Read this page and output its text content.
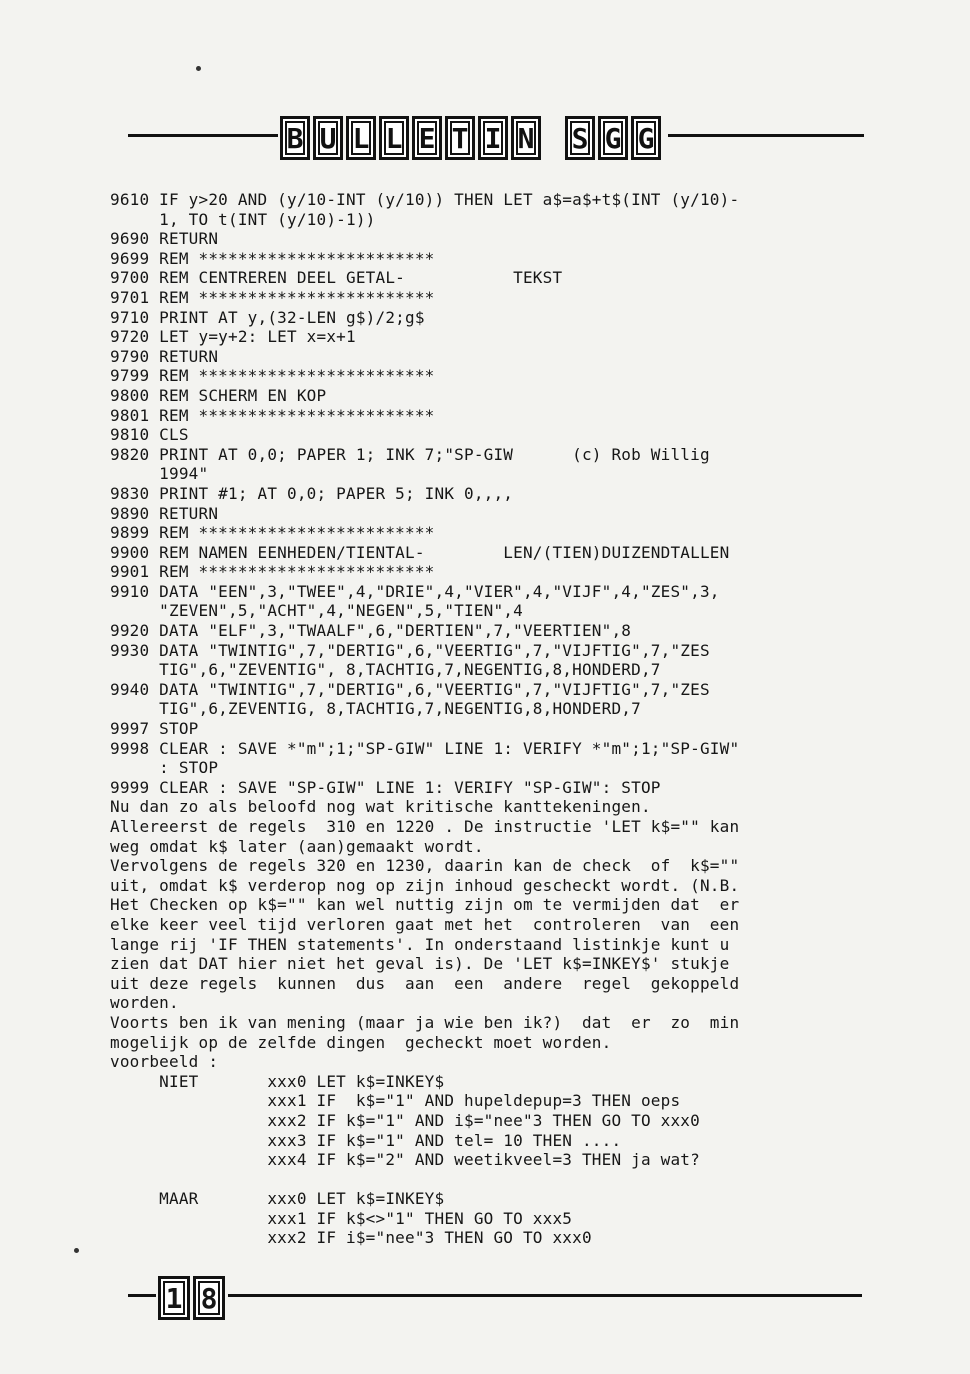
B U L L E T I N S G G
9610 IF y>20 AND (y/10-INT (y/10)) THEN LET a$=a$+t$(INT (y/10)-
1, TO t(INT (y/10)-1))
9690 RETURN
9699 REM ************************
9700 REM CENTREREN DEEL GETAL-           TEKST
9701 REM ************************
9710 PRINT AT y,(32-LEN g$)/2;g$
9720 LET y=y+2: LET x=x+1
9790 RETURN
9799 REM ************************
9800 REM SCHERM EN KOP
9801 REM ************************
9810 CLS
9820 PRINT AT 0,0; PAPER 1; INK 7;"SP-GIW      (c) Rob Willig
1994"
9830 PRINT #1; AT 0,0; PAPER 5; INK 0,,,,
9890 RETURN
9899 REM ************************
9900 REM NAMEN EENHEDEN/TIENTAL-        LEN/(TIEN)DUIZENDTALLEN
9901 REM ************************
9910 DATA "EEN",3,"TWEE",4,"DRIE",4,"VIER",4,"VIJF",4,"ZES",3,
"ZEVEN",5,"ACHT",4,"NEGEN",5,"TIEN",4
9920 DATA "ELF",3,"TWAALF",6,"DERTIEN",7,"VEERTIEN",8
9930 DATA "TWINTIG",7,"DERTIG",6,"VEERTIG",7,"VIJFTIG",7,"ZES
TIG",6,"ZEVENTIG", 8,TACHTIG,7,NEGENTIG,8,HONDERD,7
9940 DATA "TWINTIG",7,"DERTIG",6,"VEERTIG",7,"VIJFTIG",7,"ZES
TIG",6,ZEVENTIG, 8,TACHTIG,7,NEGENTIG,8,HONDERD,7
9997 STOP
9998 CLEAR : SAVE *"m";1;"SP-GIW" LINE 1: VERIFY *"m";1;"SP-GIW"
: STOP
9999 CLEAR : SAVE "SP-GIW" LINE 1: VERIFY "SP-GIW": STOP
Nu dan zo als beloofd nog wat kritische kanttekeningen.
Allereerst de regels  310 en 1220 . De instructie 'LET k$="" kan
weg omdat k$ later (aan)gemaakt wordt.
Vervolgens de regels 320 en 1230, daarin kan de check  of  k$=""
uit, omdat k$ verderop nog op zijn inhoud gescheckt wordt. (N.B.
Het Checken op k$="" kan wel nuttig zijn om te vermijden dat  er
elke keer veel tijd verloren gaat met het  controleren  van  een
lange rij 'IF THEN statements'. In onderstaand listinkje kunt u
zien dat DAT hier niet het geval is). De 'LET k$=INKEY$' stukje
uit deze regels  kunnen  dus  aan  een  andere  regel  gekoppeld
worden.
Voorts ben ik van mening (maar ja wie ben ik?)  dat  er  zo  min
mogelijk op de zelfde dingen  gecheckt moet worden.
voorbeeld :
NIET       xxx0 LET k$=INKEY$
xxx1 IF  k$="1" AND hupeldepup=3 THEN oeps
xxx2 IF k$="1" AND i$="nee"3 THEN GO TO xxx0
xxx3 IF k$="1" AND tel= 10 THEN ....
xxx4 IF k$="2" AND weetikveel=3 THEN ja wat?
MAAR       xxx0 LET k$=INKEY$
xxx1 IF k$<>"1" THEN GO TO xxx5
xxx2 IF i$="nee"3 THEN GO TO xxx0
1 8
